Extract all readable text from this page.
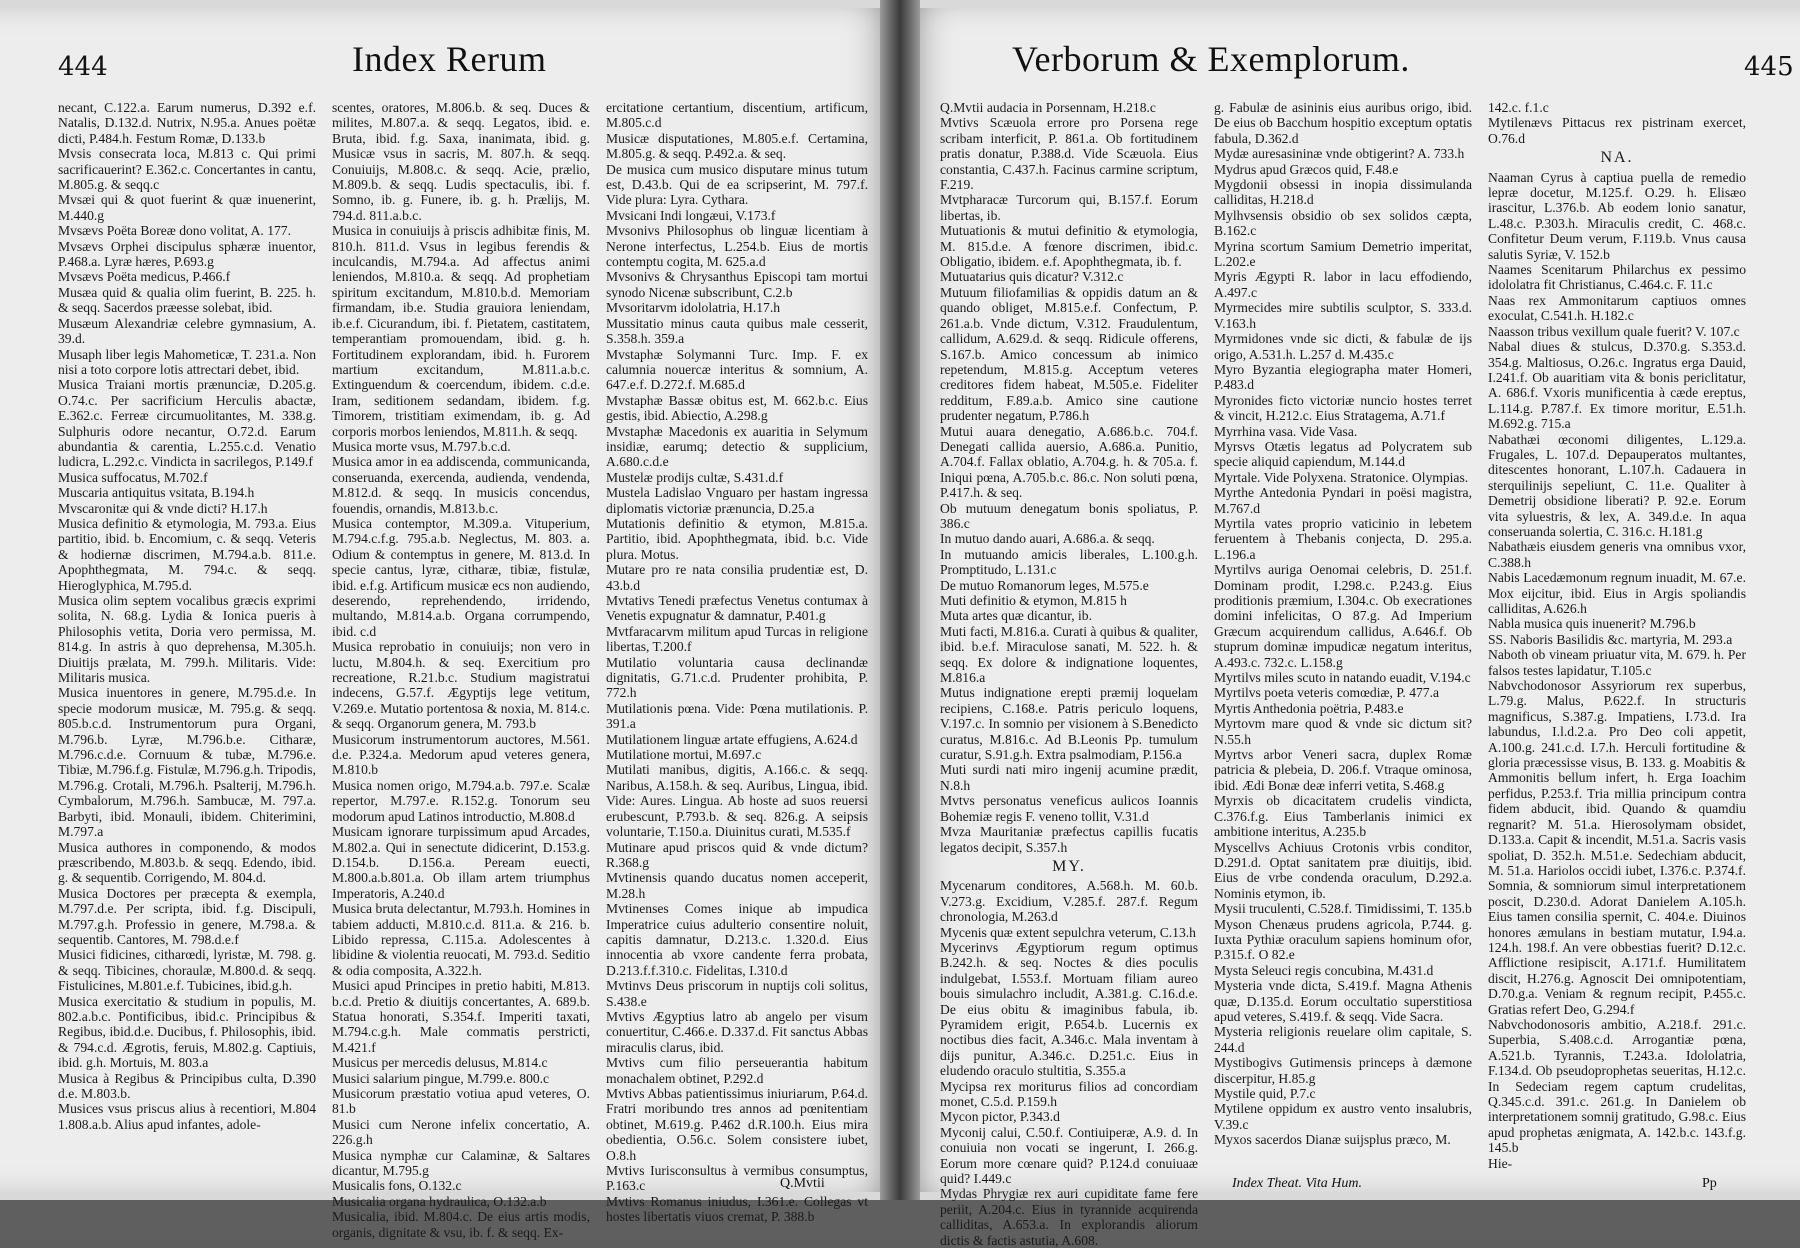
444	Index Rerum

necant, C.122.a. Earum numerus, D.392 e.f. Natalis, D.132.d. Nutrix, N.95.a. Anues poëtæ dicti, P.484.h. Festum Romæ, D.133.b

Mvsis consecrata loca, M.813 c. Qui primi sacrificauerint? E.362.c. Concertantes in cantu, M.805.g. & seqq.c

Mvsæi qui & quot fuerint & quæ inuenerint, M.440.g

Mvsævs Poëta Boreæ dono volitat, A. 177.

Mvsævs Orphei discipulus sphæræ inuentor, P.468.a. Lyræ hæres, P.693.g

Mvsævs Poëta medicus, P.466.f

Musæa quid & qualia olim fuerint, B. 225. h. & seqq. Sacerdos præesse solebat, ibid.

Musæum Alexandriæ celebre gymnasium, A. 39.d.

Musaph liber legis Mahometicæ, T. 231.a. Non nisi a toto corpore lotis attrectari debet, ibid.

Musica Traiani mortis prænunciæ, D.205.g. O.74.c. Per sacrificium Herculis abactæ, E.362.c. Ferreæ circumuolitantes, M. 338.g. Sulphuris odore necantur, O.72.d. Earum abundantia & carentia, L.255.c.d. Venatio ludicra, L.292.c. Vindicta in sacrilegos, P.149.f

Musica suffocatus, M.702.f

Muscaria antiquitus vsitata, B.194.h

Mvscaronitæ qui & vnde dicti? H.17.h

Musica definitio & etymologia, M. 793.a. Eius partitio, ibid. b. Encomium, c. & seqq. Veteris & hodiernæ discrimen, M.794.a.b. 811.e. Apophthegmata, M. 794.c. & seqq. Hieroglyphica, M.795.d.

Musica olim septem vocalibus græcis exprimi solita, N. 68.g. Lydia & Ionica pueris à Philosophis vetita, Doria vero permissa, M. 814.g. In astris à quo deprehensa, M.305.h. Diuitijs prælata, M. 799.h. Militaris. Vide: Militaris musica.

Musica inuentores in genere, M.795.d.e. In specie modorum musicæ, M. 795.g. & seqq. 805.b.c.d. Instrumentorum pura Organi, M.796.b. Lyræ, M.796.b.e. Citharæ, M.796.c.d.e. Cornuum & tubæ, M.796.e. Tibiæ, M.796.f.g. Fistulæ, M.796.g.h. Tripodis, M.796.g. Crotali, M.796.h. Psalterij, M.796.h. Cymbalorum, M.796.h. Sambucæ, M. 797.a. Barbyti, ibid. Monauli, ibidem. Chiterimini, M.797.a

Musica authores in componendo, & modos præscribendo, M.803.b. & seqq. Edendo, ibid. g. & sequentib. Corrigendo, M. 804.d.

Musica Doctores per præcepta & exempla, M.797.d.e. Per scripta, ibid. f.g. Discipuli, M.797.g.h. Professio in genere, M.798.a. & sequentib. Cantores, M. 798.d.e.f

Musici fidicines, citharœdi, lyristæ, M. 798. g. & seqq. Tibicines, choraulæ, M.800.d. & seqq. Fistulicines, M.801.e.f. Tubicines, ibid.g.h.

Musica exercitatio & studium in populis, M. 802.a.b.c. Pontificibus, ibid.c. Principibus & Regibus, ibid.d.e. Ducibus, f. Philosophis, ibid. & 794.c.d. Ægrotis, feruis, M.802.g. Captiuis, ibid. g.h. Mortuis, M. 803.a

Musica à Regibus & Principibus culta, D.390 d.e. M.803.b.

Musices vsus priscus alius à recentiori, M.804 1.808.a.b. Alius apud infantes, adole-

scentes, oratores, M.806.b. & seq. Duces & milites, M.807.a. & seqq. Legatos, ibid. e. Bruta, ibid. f.g. Saxa, inanimata, ibid. g. Musicæ vsus in sacris, M. 807.h. & seqq. Conuiuijs, M.808.c. & seqq. Acie, prælio, M.809.b. & seqq. Ludis spectaculis, ibi. f. Somno, ib. g. Funere, ib. g. h. Prælijs, M. 794.d. 811.a.b.c.

Musica in conuiuijs à priscis adhibitæ finis, M. 810.h. 811.d. Vsus in legibus ferendis & inculcandis, M.794.a. Ad affectus animi leniendos, M.810.a. & seqq. Ad prophetiam spiritum excitandum, M.810.b.d. Memoriam firmandam, ib.e. Studia grauiora leniendam, ib.e.f. Cicurandum, ibi. f. Pietatem, castitatem, temperantiam promouendam, ibid. g. h. Fortitudinem explorandam, ibid. h. Furorem martium excitandum, M.811.a.b.c. Extinguendum & coercendum, ibidem. c.d.e. Iram, seditionem sedandam, ibidem. f.g. Timorem, tristitiam eximendam, ib. g. Ad corporis morbos leniendos, M.811.h. & seqq.

Musica morte vsus, M.797.b.c.d.

Musica amor in ea addiscenda, communicanda, conseruanda, exercenda, audienda, vendenda, M.812.d. & seqq. In musicis concendus, fouendis, ornandis, M.813.b.c.

Musica contemptor, M.309.a. Vituperium, M.794.c.f.g. 795.a.b. Neglectus, M. 803. a. Odium & contemptus in genere, M. 813.d. In specie cantus, lyræ, citharæ, tibiæ, fistulæ, ibid. e.f.g. Artificum musicæ ecs non audiendo, deserendo, reprehendendo, irridendo, multando, M.814.a.b. Organa corrumpendo, ibid. c.d

Musica reprobatio in conuiuijs; non vero in luctu, M.804.h. & seq. Exercitium pro recreatione, R.21.b.c. Studium magistratui indecens, G.57.f. Ægyptijs lege vetitum, V.269.e. Mutatio portentosa & noxia, M. 814.c. & seqq. Organorum genera, M. 793.b

Musicorum instrumentorum auctores, M.561. d.e. P.324.a. Medorum apud veteres genera, M.810.b

Musica nomen origo, M.794.a.b. 797.e. Scalæ repertor, M.797.e. R.152.g. Tonorum seu modorum apud Latinos introductio, M.808.d

Musicam ignorare turpissimum apud Arcades, M.802.a. Qui in senectute didicerint, D.153.g. D.154.b. D.156.a. Peream euecti, M.800.a.b.801.a. Ob illam artem triumphus Imperatoris, A.240.d

Musica bruta delectantur, M.793.h. Homines in tabiem adducti, M.810.c.d. 811.a. & 216. b. Libido repressa, C.115.a. Adolescentes à libidine & violentia reuocati, M. 793.d. Seditio & odia composita, A.322.h.

Musici apud Principes in pretio habiti, M.813. b.c.d. Pretio & diuitijs concertantes, A. 689.b. Statua honorati, S.354.f. Imperiti taxati, M.794.c.g.h. Male commatis perstricti, M.421.f

Musicus per mercedis delusus, M.814.c

Musici salarium pingue, M.799.e. 800.c

Musicorum præstatio votiua apud veteres, O. 81.b

Musici cum Nerone infelix concertatio, A. 226.g.h

Musica nymphæ cur Calaminæ, & Saltares dicantur, M.795.g

Musicalis fons, O.132.c

Musicalia organa hydraulica, O.132.a.b

Musicalia, ibid. M.804.c. De eius artis modis, organis, dignitate & vsu, ib. f. & seqq. Ex-

ercitatione certantium, discentium, artificum, M.805.c.d

Musicæ disputationes, M.805.e.f. Certamina, M.805.g. & seqq. P.492.a. & seq.

De musica cum musico disputare minus tutum est, D.43.b. Qui de ea scripserint, M. 797.f. Vide plura: Lyra. Cythara.

Mvsicani Indi longæui, V.173.f

Mvsonivs Philosophus ob linguæ licentiam à Nerone interfectus, L.254.b. Eius de mortis contemptu cogita, M. 625.a.d

Mvsonivs & Chrysanthus Episcopi tam mortui synodo Nicenæ subscribunt, C.2.b

Mvsoritarvm idololatria, H.17.h

Mussitatio minus cauta quibus male cesserit, S.358.h. 359.a

Mvstaphæ Solymanni Turc. Imp. F. ex calumnia nouercæ interitus & somnium, A. 647.e.f. D.272.f. M.685.d

Mvstaphæ Bassæ obitus est, M. 662.b.c. Eius gestis, ibid. Abiectio, A.298.g

Mvstaphæ Macedonis ex auaritia in Selymum insidiæ, earumq; detectio & supplicium, A.680.c.d.e

Mustelæ prodijs cultæ, S.431.d.f

Mustela Ladislao Vnguaro per hastam ingressa diplomatis victoriæ prænuncia, D.25.a

Mutationis definitio & etymon, M.815.a. Partitio, ibid. Apophthegmata, ibid. b.c. Vide plura. Motus.

Mutare pro re nata consilia prudentiæ est, D. 43.b.d

Mvtativs Tenedi præfectus Venetus contumax à Venetis expugnatur & damnatur, P.401.g

Mvtfaracarvm militum apud Turcas in religione libertas, T.200.f

Mutilatio voluntaria causa declinandæ dignitatis, G.71.c.d. Prudenter prohibita, P. 772.h

Mutilationis pœna. Vide: Pœna mutilationis. P. 391.a

Mutilationem linguæ artate effugiens, A.624.d

Mutilatione mortui, M.697.c

Mutilati manibus, digitis, A.166.c. & seqq. Naribus, A.158.h. & seq. Auribus, Lingua, ibid. Vide: Aures. Lingua. Ab hoste ad suos reuersi erubescunt, P.793.b. & seq. 826.g. A seipsis voluntarie, T.150.a. Diuinitus curati, M.535.f

Mutinare apud priscos quid & vnde dictum? R.368.g

Mvtinensis quando ducatus nomen acceperit, M.28.h

Mvtinenses Comes inique ab impudica Imperatrice cuius adulterio consentire noluit, capitis damnatur, D.213.c. 1.320.d. Eius innocentia ab vxore candente ferra probata, D.213.f.f.310.c. Fidelitas, I.310.d

Mvtinvs Deus priscorum in nuptijs coli solitus, S.438.e

Mvtivs Ægyptius latro ab angelo per visum conuertitur, C.466.e. D.337.d. Fit sanctus Abbas miraculis clarus, ibid.

Mvtivs cum filio perseuerantia habitum monachalem obtinet, P.292.d

Mvtivs Abbas patientissimus iniuriarum, P.64.d. Fratri moribundo tres annos ad pœnitentiam obtinet, M.619.g. P.462 d.R.100.h. Eius mira obedientia, O.56.c. Solem consistere iubet, O.8.h

Mvtivs Iurisconsultus à vermibus consumptus, P.163.c

Mvtivs Romanus iniudus, I.361.e. Collegas vt hostes libertatis viuos cremat, P. 388.b

Q.Mvtii
Verborum & Exemplorum.	445

Q.Mvtii audacia in Porsennam, H.218.c

Mvtivs Scæuola errore pro Porsena rege scribam interficit, P. 861.a. Ob fortitudinem pratis donatur, P.388.d. Vide Scæuola. Eius constantia, C.437.h. Facinus carmine scriptum, F.219.

Mvtpharacæ Turcorum qui, B.157.f. Eorum libertas, ib.

Mutuationis & mutui definitio & etymologia, M. 815.d.e. A fœnore discrimen, ibid.c. Obligatio, ibidem. e.f. Apophthegmata, ib. f.

Mutuatarius quis dicatur? V.312.c

Mutuum filiofamilias & oppidis datum an & quando obliget, M.815.e.f. Confectum, P. 261.a.b. Vnde dictum, V.312. Fraudulentum, callidum, A.629.d. & seqq. Ridicule offerens, S.167.b. Amico concessum ab inimico repetendum, M.815.g. Acceptum veteres creditores fidem habeat, M.505.e. Fideliter redditum, F.89.a.b. Amico sine cautione prudenter negatum, P.786.h

Mutui auara denegatio, A.686.b.c. 704.f. Denegati callida auersio, A.686.a. Punitio, A.704.f. Fallax oblatio, A.704.g. h. & 705.a. f. Iniqui pœna, A.705.b.c. 86.c. Non soluti pœna, P.417.h. & seq.

Ob mutuum denegatum bonis spoliatus, P. 386.c

In mutuo dando auari, A.686.a. & seqq.

In mutuando amicis liberales, L.100.g.h. Promptitudo, L.131.c

De mutuo Romanorum leges, M.575.e

Muti definitio & etymon, M.815 h

Muta artes quæ dicantur, ib.

Muti facti, M.816.a. Curati à quibus & qualiter, ibid. b.e.f. Miraculose sanati, M. 522. h. & seqq. Ex dolore & indignatione loquentes, M.816.a

Mutus indignatione erepti præmij loquelam recipiens, C.168.e. Patris periculo loquens, V.197.c. In somnio per visionem à S.Benedicto curatus, M.816.c. Ad B.Leonis Pp. tumulum curatur, S.91.g.h. Extra psalmodiam, P.156.a

Muti surdi nati miro ingenij acumine prædit, N.8.h

Mvtvs personatus veneficus aulicos Ioannis Bohemiæ regis F. veneno tollit, V.31.d

Mvza Mauritaniæ præfectus capillis fucatis legatos decipit, S.357.h

MY.

Mycenarum conditores, A.568.h. M. 60.b. V.273.g. Excidium, V.285.f. 287.f. Regum chronologia, M.263.d

Mycenis quæ extent sepulchra veterum, C.13.h

Mycerinvs Ægyptiorum regum optimus B.242.h. & seq. Noctes & dies poculis indulgebat, I.553.f. Mortuam filiam aureo bouis simulachro includit, A.381.g. C.16.d.e. De eius obitu & imaginibus fabula, ib. Pyramidem erigit, P.654.b. Lucernis ex noctibus dies facit, A.346.c. Mala inventam à dijs punitur, A.346.c. D.251.c. Eius in eludendo oraculo stultitia, S.355.a

Mycipsa rex moriturus filios ad concordiam monet, C.5.d. P.159.h

Mycon pictor, P.343.d

Myconij calui, C.50.f. Contiuiperæ, A.9. d. In conuiuia non vocati se ingerunt, I. 266.g. Eorum more cœnare quid? P.124.d conuiuaæ quid? I.449.c

Mydas Phrygiæ rex auri cupiditate fame fere periit, A.204.c. Eius in tyrannide acquirenda calliditas, A.653.a. In explorandis aliorum dictis & factis astutia, A.608.

g. Fabulæ de asininis eius auribus origo, ibid. De eius ob Bacchum hospitio exceptum optatis fabula, D.362.d

Mydæ auresasininæ vnde obtigerint? A. 733.h

Mydrus apud Græcos quid, F.48.e

Mygdonii obsessi in inopia dissimulanda calliditas, H.218.d

Mylhvsensis obsidio ob sex solidos cæpta, B.162.c

Myrina scortum Samium Demetrio imperitat, L.202.e

Myris Ægypti R. labor in lacu effodiendo, A.497.c

Myrmecides mire subtilis sculptor, S. 333.d. V.163.h

Myrmidones vnde sic dicti, & fabulæ de ijs origo, A.531.h. L.257 d. M.435.c

Myro Byzantia elegiographa mater Homeri, P.483.d

Myronides ficto victoriæ nuncio hostes terret & vincit, H.212.c. Eius Stratagema, A.71.f

Myrrhina vasa. Vide Vasa.

Myrsvs Otætis legatus ad Polycratem sub specie aliquid capiendum, M.144.d

Myrtale. Vide Polyxena. Stratonice. Olympias.

Myrthe Antedonia Pyndari in poësi magistra, M.767.d

Myrtila vates proprio vaticinio in lebetem feruentem à Thebanis conjecta, D. 295.a. L.196.a

Myrtilvs auriga Oenomai celebris, D. 251.f. Dominam prodit, I.298.c. P.243.g. Eius proditionis præmium, I.304.c. Ob execrationes domini infelicitas, O 87.g. Ad Imperium Græcum acquirendum callidus, A.646.f. Ob stuprum dominæ impudicæ negatum interitus, A.493.c. 732.c. L.158.g

Myrtilvs miles scuto in natando euadit, V.194.c

Myrtilvs poeta veteris comœdiæ, P. 477.a

Myrtis Anthedonia poëtria, P.483.e

Myrtovm mare quod & vnde sic dictum sit? N.55.h

Myrtvs arbor Veneri sacra, duplex Romæ patricia & plebeia, D. 206.f. Vtraque ominosa, ibid. Ædi Bonæ deæ inferri vetita, S.468.g

Myrxis ob dicacitatem crudelis vindicta, C.376.f.g. Eius Tamberlanis inimici ex ambitione interitus, A.235.b

Myscellvs Achiuus Crotonis vrbis conditor, D.291.d. Optat sanitatem præ diuitijs, ibid. Eius de vrbe condenda oraculum, D.292.a. Nominis etymon, ib.

Mysii truculenti, C.528.f. Timidissimi, T. 135.b

Myson Chenæus prudens agricola, P.744. g. Iuxta Pythiæ oraculum sapiens hominum ofor, P.315.f. O 82.e

Mysta Seleuci regis concubina, M.431.d

Mysteria vnde dicta, S.419.f. Magna Athenis quæ, D.135.d. Eorum occultatio superstitiosa apud veteres, S.419.f. & seqq. Vide Sacra.

Mysteria religionis reuelare olim capitale, S. 244.d

Mystibogivs Gutimensis princeps à dæmone discerpitur, H.85.g

Mystile quid, P.7.c

Mytilene oppidum ex austro vento insalubris, V.39.c

Myxos sacerdos Dianæ suijsplus præco, M.

142.c. f.1.c

Mytilenævs Pittacus rex pistrinam exercet, O.76.d

NA.

Naaman Cyrus à captiua puella de remedio lepræ docetur, M.125.f. O.29. h. Elisæo irascitur, L.376.b. Ab eodem lonio sanatur, L.48.c. P.303.h. Miraculis credit, C. 468.c. Confitetur Deum verum, F.119.b. Vnus causa salutis Syriæ, V. 152.b

Naames Scenitarum Philarchus ex pessimo idololatra fit Christianus, C.464.c. F. 11.c

Naas rex Ammonitarum captiuos omnes exoculat, C.541.h. H.182.c

Naasson tribus vexillum quale fuerit? V. 107.c

Nabal diues & stulcus, D.370.g. S.353.d. 354.g. Maltiosus, O.26.c. Ingratus erga Dauid, I.241.f. Ob auaritiam vita & bonis periclitatur, A. 686.f. Vxoris munificentia à cæde ereptus, L.114.g. P.787.f. Ex timore moritur, E.51.h. M.692.g. 715.a

Nabathæi œconomi diligentes, L.129.a. Frugales, L. 107.d. Depauperatos multantes, ditescentes honorant, L.107.h. Cadauera in sterquilinijs sepeliunt, C. 11.e. Qualiter à Demetrij obsidione liberati? P. 92.e. Eorum vita syluestris, & lex, A. 349.d.e. In aqua conseruanda solertia, C. 316.c. H.181.g

Nabathæis eiusdem generis vna omnibus vxor, C.388.h

Nabis Lacedæmonum regnum inuadit, M. 67.e. Mox eijcitur, ibid. Eius in Argis spoliandis calliditas, A.626.h

Nabla musica quis inuenerit? M.796.b

SS. Naboris Basilidis &c. martyria, M. 293.a

Naboth ob vineam priuatur vita, M. 679. h. Per falsos testes lapidatur, T.105.c

Nabvchodonosor Assyriorum rex superbus, L.79.g. Malus, P.622.f. In structuris magnificus, S.387.g. Impatiens, I.73.d. Ira labundus, I.l.d.2.a. Pro Deo coli appetit, A.100.g. 241.c.d. I.7.h. Herculi fortitudine & gloria præcessisse visus, B. 133. g. Moabitis & Ammonitis bellum infert, h. Erga Ioachim perfidus, P.253.f. Tria millia principum contra fidem abducit, ibid. Quando & quamdiu regnarit? M. 51.a. Hierosolymam obsidet, D.133.a. Capit & incendit, M.51.a. Sacris vasis spoliat, D. 352.h. M.51.e. Sedechiam abducit, M. 51.a. Hariolos occidi iubet, I.376.c. P.374.f. Somnia, & somniorum simul interpretationem poscit, D.230.d. Adorat Danielem A.105.h. Eius tamen consilia spernit, C. 404.e. Diuinos honores æmulans in bestiam mutatur, I.94.a. 124.h. 198.f. An vere obbestias fuerit? D.12.c. Afflictione resipiscit, A.171.f. Humilitatem discit, H.276.g. Agnoscit Dei omnipotentiam, D.70.g.a. Veniam & regnum recipit, P.455.c. Gratias refert Deo, G.294.f

Nabvchodonosoris ambitio, A.218.f. 291.c. Superbia, S.408.c.d. Arrogantiæ pœna, A.521.b. Tyrannis, T.243.a. Idololatria, F.134.d. Ob pseudoprophetas seueritas, H.12.c. In Sedeciam regem captum crudelitas, Q.345.c.d. 391.c. 261.g. In Danielem ob interpretationem somnij gratitudo, G.98.c. Eius apud prophetas ænigmata, A. 142.b.c. 143.f.g. 145.b

Hie-

Pp
Index Theat. Vita Hum.
